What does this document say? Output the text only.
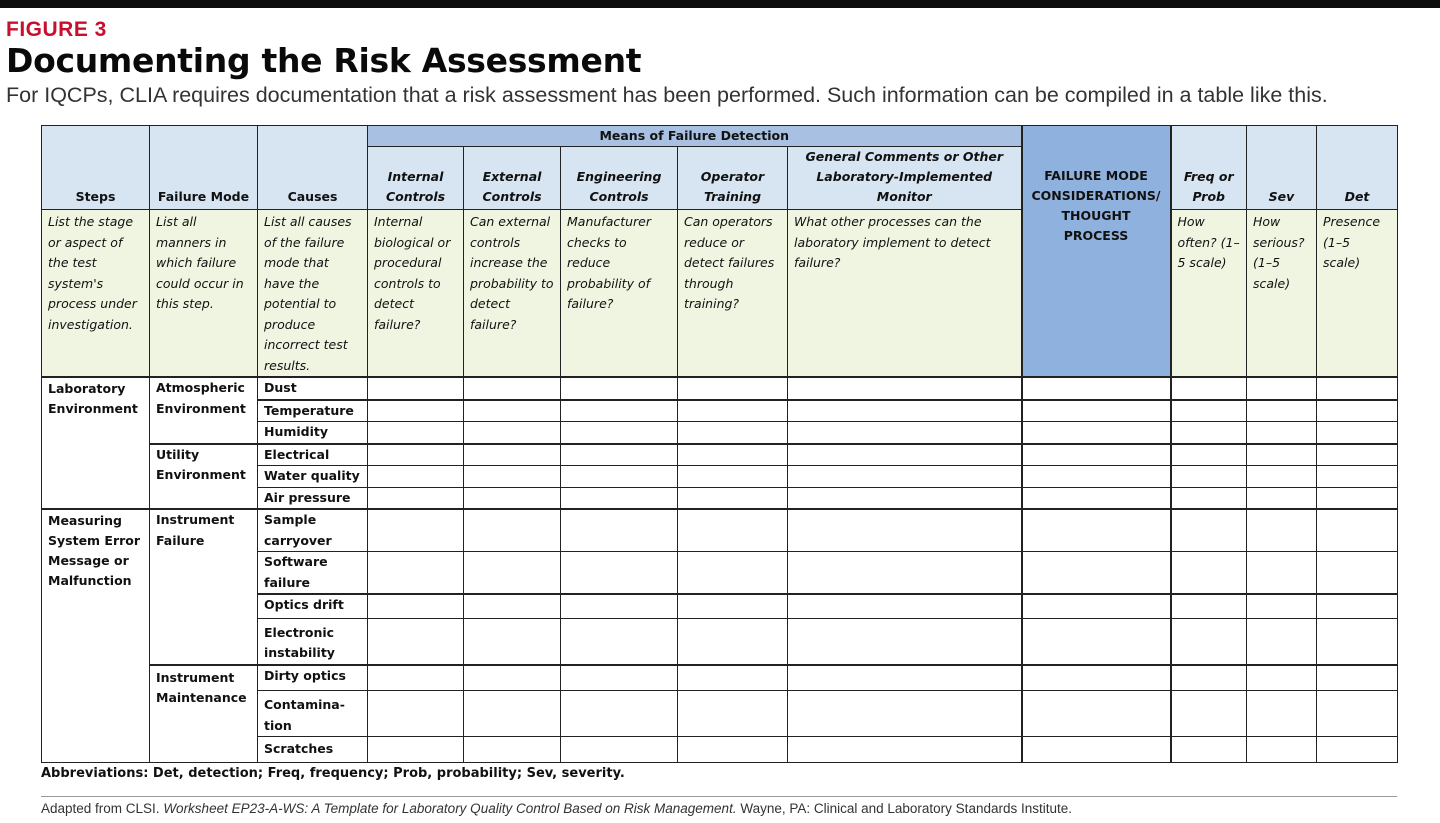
FIGURE 3
Documenting the Risk Assessment
For IQCPs, CLIA requires documentation that a risk assessment has been performed. Such information can be compiled in a table like this.
Steps	Failure Mode	Causes	Means of Failure Detection					FAILURE MODE CONSIDERATIONS/ THOUGHT PROCESS	Freq or Prob	Sev	Det
			Internal Controls	External Controls	Engineering Controls	Operator Training	General Comments or Other Laboratory-Implemented Monitor				
List the stage or aspect of the test system's process under investigation.	List all manners in which failure could occur in this step.	List all causes of the failure mode that have the potential to produce incorrect test results.	Internal biological or procedural controls to detect failure?	Can external controls increase the probability to detect failure?	Manufacturer checks to reduce probability of failure?	Can operators reduce or detect failures through training?	What other processes can the laboratory implement to detect failure?		How often? (1–5 scale)	How serious? (1–5 scale)	Presence (1–5 scale)
Laboratory Environment	Atmospheric Environment	Dust									
		Temperature									
		Humidity									
	Utility Environment	Electrical									
		Water quality									
		Air pressure									
Measuring System Error Message or Malfunction	Instrument Failure	Sample carryover									
		Software failure									
		Optics drift									
		Electronic instability									
	Instrument Maintenance	Dirty optics									
		Contamina- tion									
		Scratches									
Abbreviations: Det, detection; Freq, frequency; Prob, probability; Sev, severity.
Adapted from CLSI. Worksheet EP23-A-WS: A Template for Laboratory Quality Control Based on Risk Management. Wayne, PA: Clinical and Laboratory Standards Institute.
